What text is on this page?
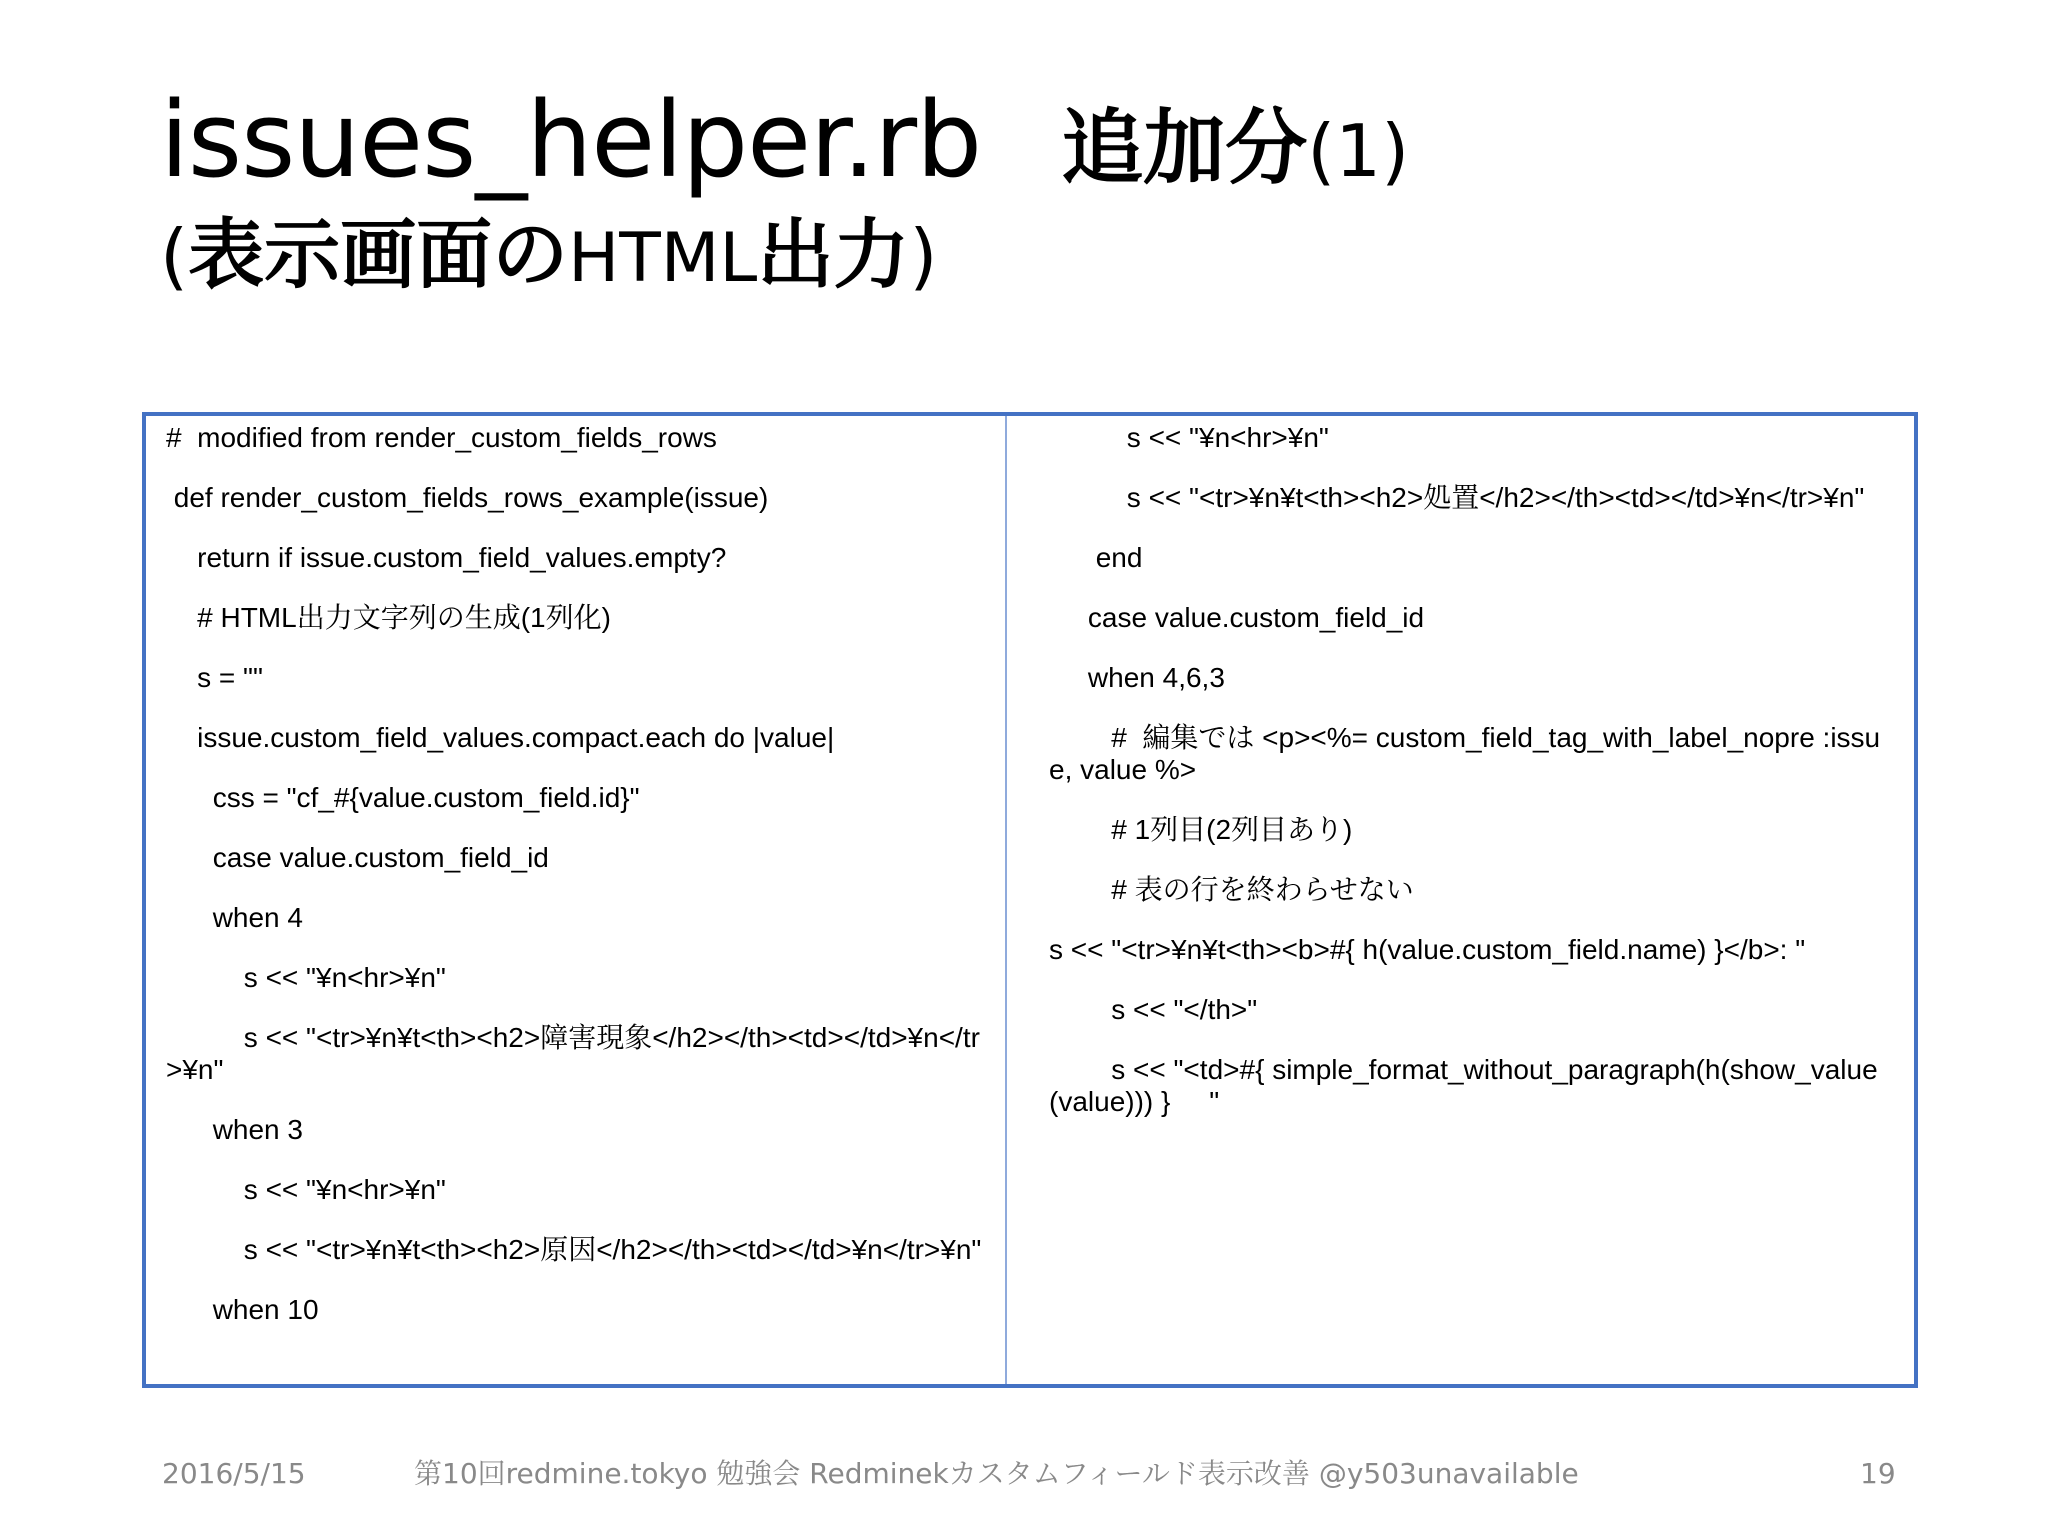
issues_helper.rb 追加分(1)
(表示画面のHTML出力)

#  modified from render_custom_fields_rows

def render_custom_fields_rows_example(issue)

return if issue.custom_field_values.empty?

# HTML出力文字列の生成(1列化)

s = ""

issue.custom_field_values.compact.each do |value|

css = "cf_#{value.custom_field.id}"

case value.custom_field_id

when 4

s << "¥n<hr>¥n"

s << "<tr>¥n¥t<th><h2>障害現象</h2></th><td></td>¥n</tr>¥n"

when 3

s << "¥n<hr>¥n"

s << "<tr>¥n¥t<th><h2>原因</h2></th><td></td>¥n</tr>¥n"

when 10

s << "¥n<hr>¥n"

s << "<tr>¥n¥t<th><h2>処置</h2></th><td></td>¥n</tr>¥n"

end

case value.custom_field_id

when 4,6,3

#  編集では <p><%= custom_field_tag_with_label_nopre :issue, value %>

# 1列目(2列目あり)

# 表の行を終わらせない

s << "<tr>¥n¥t<th><b>#{ h(value.custom_field.name) }</b>: "

s << "</th>"

s << "<td>#{ simple_format_without_paragraph(h(show_value(value))) }     "

2016/5/15	第10回redmine.tokyo 勉強会 Redminekカスタムフィールド表示改善 @y503unavailable	19
